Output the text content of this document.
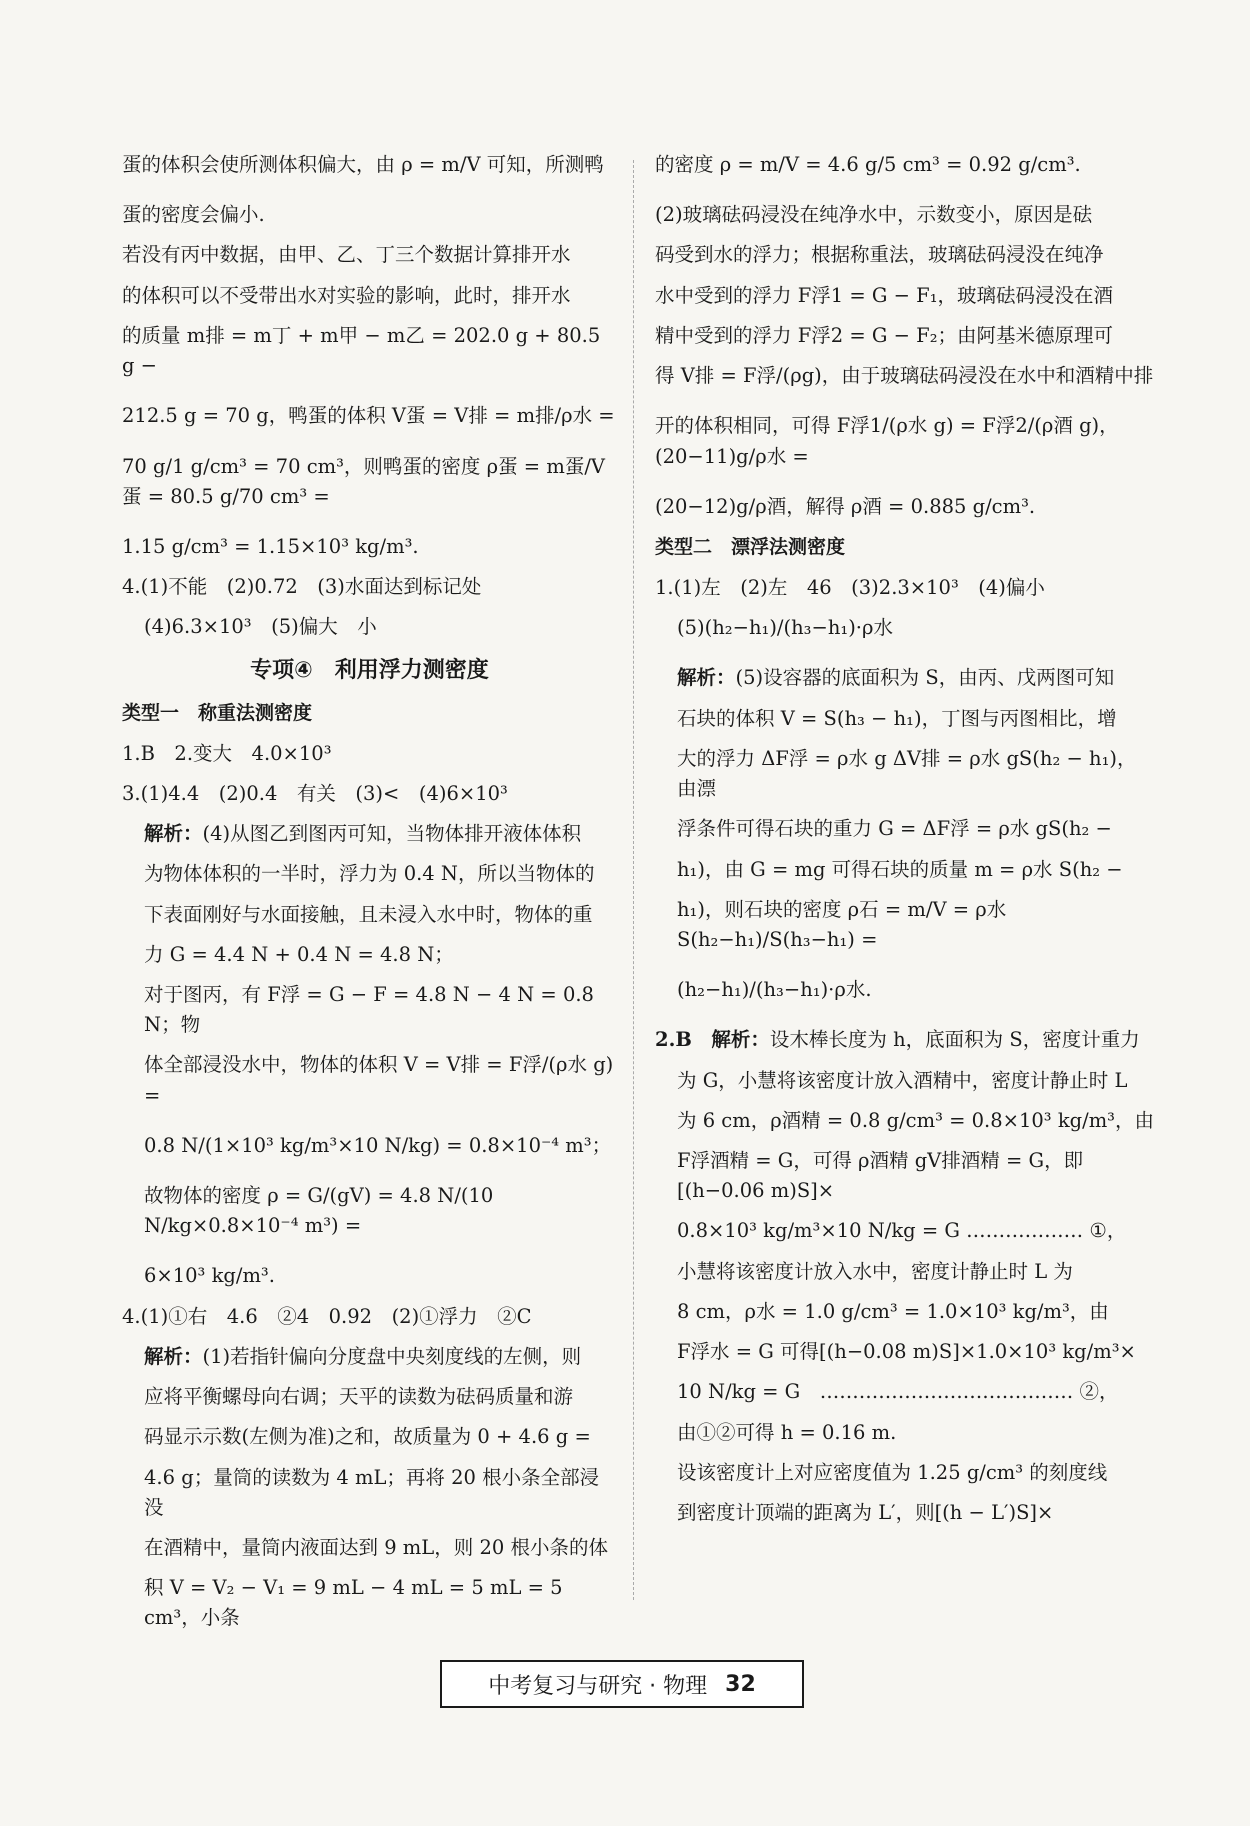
蛋的体积会使所测体积偏大，由 ρ = m/V 可知，所测鸭

蛋的密度会偏小.

若没有丙中数据，由甲、乙、丁三个数据计算排开水

的体积可以不受带出水对实验的影响，此时，排开水

的质量 m排 = m丁 + m甲 − m乙 = 202.0 g + 80.5 g −

212.5 g = 70 g，鸭蛋的体积 V蛋 = V排 = m排/ρ水 =

70 g/1 g/cm³ = 70 cm³，则鸭蛋的密度 ρ蛋 = m蛋/V蛋 = 80.5 g/70 cm³ =

1.15 g/cm³ = 1.15×10³ kg/m³.

4.(1)不能　(2)0.72　(3)水面达到标记处

(4)6.3×10³　(5)偏大　小

专项④　利用浮力测密度
类型一　称重法测密度

1.B　2.变大　4.0×10³

3.(1)4.4　(2)0.4　有关　(3)<　(4)6×10³

解析：(4)从图乙到图丙可知，当物体排开液体体积

为物体体积的一半时，浮力为 0.4 N，所以当物体的

下表面刚好与水面接触，且未浸入水中时，物体的重

力 G = 4.4 N + 0.4 N = 4.8 N；

对于图丙，有 F浮 = G − F = 4.8 N − 4 N = 0.8 N；物

体全部浸没水中，物体的体积 V = V排 = F浮/(ρ水 g) =

0.8 N/(1×10³ kg/m³×10 N/kg) = 0.8×10⁻⁴ m³；

故物体的密度 ρ = G/(gV) = 4.8 N/(10 N/kg×0.8×10⁻⁴ m³) =

6×10³ kg/m³.

4.(1)①右　4.6　②4　0.92　(2)①浮力　②C

解析：(1)若指针偏向分度盘中央刻度线的左侧，则

应将平衡螺母向右调；天平的读数为砝码质量和游

码显示示数(左侧为准)之和，故质量为 0 + 4.6 g =

4.6 g；量筒的读数为 4 mL；再将 20 根小条全部浸没

在酒精中，量筒内液面达到 9 mL，则 20 根小条的体

积 V = V₂ − V₁ = 9 mL − 4 mL = 5 mL = 5 cm³，小条

的密度 ρ = m/V = 4.6 g/5 cm³ = 0.92 g/cm³.

(2)玻璃砝码浸没在纯净水中，示数变小，原因是砝

码受到水的浮力；根据称重法，玻璃砝码浸没在纯净

水中受到的浮力 F浮1 = G − F₁，玻璃砝码浸没在酒

精中受到的浮力 F浮2 = G − F₂；由阿基米德原理可

得 V排 = F浮/(ρg)，由于玻璃砝码浸没在水中和酒精中排

开的体积相同，可得 F浮1/(ρ水 g) = F浮2/(ρ酒 g)，(20−11)g/ρ水 =

(20−12)g/ρ酒，解得 ρ酒 = 0.885 g/cm³.

类型二　漂浮法测密度

1.(1)左　(2)左　46　(3)2.3×10³　(4)偏小

(5)(h₂−h₁)/(h₃−h₁)·ρ水

解析：(5)设容器的底面积为 S，由丙、戊两图可知

石块的体积 V = S(h₃ − h₁)，丁图与丙图相比，增

大的浮力 ΔF浮 = ρ水 g ΔV排 = ρ水 gS(h₂ − h₁)，由漂

浮条件可得石块的重力 G = ΔF浮 = ρ水 gS(h₂ −

h₁)，由 G = mg 可得石块的质量 m = ρ水 S(h₂ −

h₁)，则石块的密度 ρ石 = m/V = ρ水 S(h₂−h₁)/S(h₃−h₁) =

(h₂−h₁)/(h₃−h₁)·ρ水.

2.B　 解析：设木棒长度为 h，底面积为 S，密度计重力

为 G，小慧将该密度计放入酒精中，密度计静止时 L

为 6 cm，ρ酒精 = 0.8 g/cm³ = 0.8×10³ kg/m³，由

F浮酒精 = G，可得 ρ酒精 gV排酒精 = G，即[(h−0.06 m)S]×

0.8×10³ kg/m³×10 N/kg = G ……………… ①，

小慧将该密度计放入水中，密度计静止时 L 为

8 cm，ρ水 = 1.0 g/cm³ = 1.0×10³ kg/m³，由

F浮水 = G 可得[(h−0.08 m)S]×1.0×10³ kg/m³×

10 N/kg = G　………………………………… ②，

由①②可得 h = 0.16 m.

设该密度计上对应密度值为 1.25 g/cm³ 的刻度线

到密度计顶端的距离为 L′，则[(h − L′)S]×

中考复习与研究 · 物理 32
